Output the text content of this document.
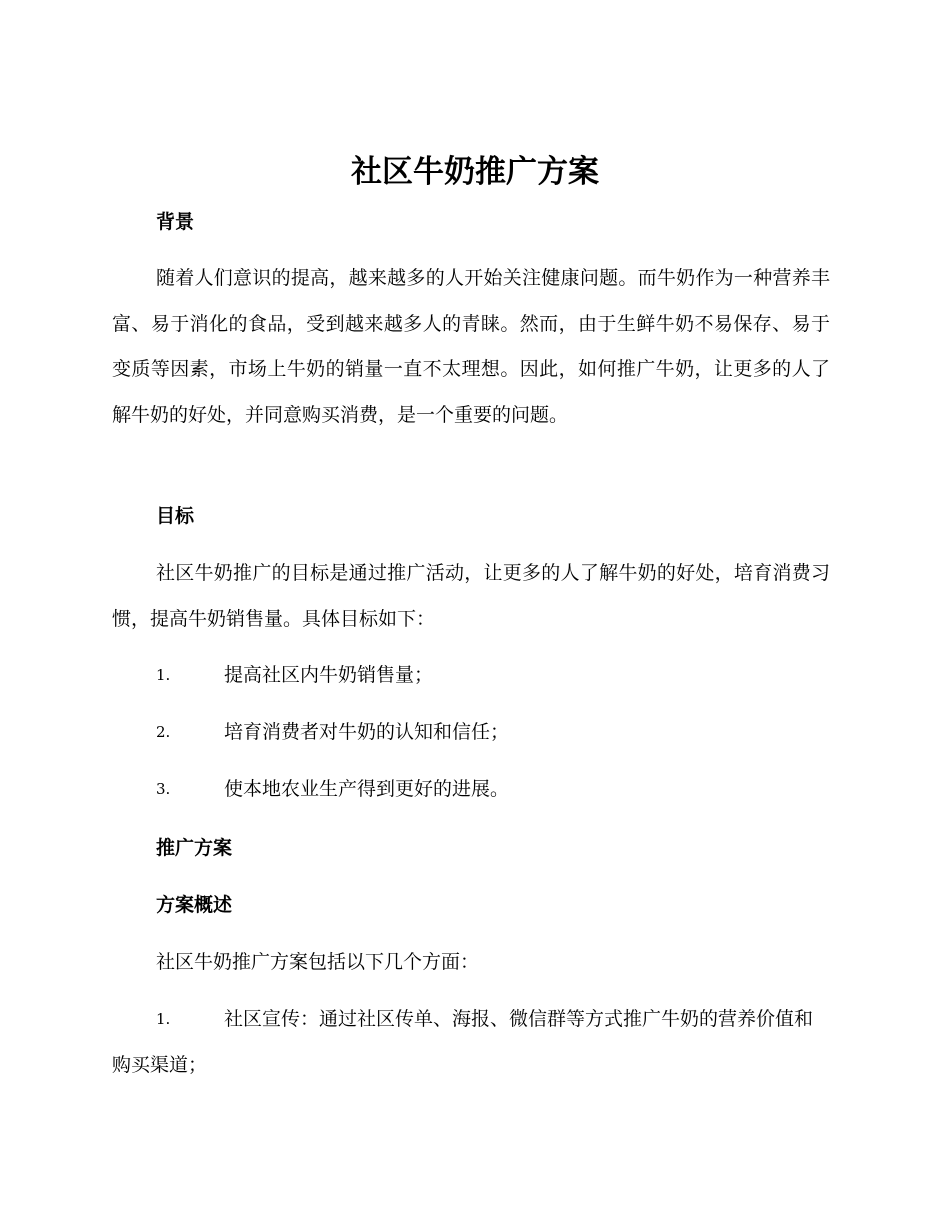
社区牛奶推广方案
背景

随着人们意识的提高，越来越多的人开始关注健康问题。而牛奶作为一种营养丰富、易于消化的食品，受到越来越多人的青睐。然而，由于生鲜牛奶不易保存、易于变质等因素，市场上牛奶的销量一直不太理想。因此，如何推广牛奶，让更多的人了解牛奶的好处，并同意购买消费，是一个重要的问题。

目标

社区牛奶推广的目标是通过推广活动，让更多的人了解牛奶的好处，培育消费习惯，提高牛奶销售量。具体目标如下：

1.	提高社区内牛奶销售量；
2.	培育消费者对牛奶的认知和信任；
3.	使本地农业生产得到更好的进展。
推广方案
方案概述

社区牛奶推广方案包括以下几个方面：

1.	社区宣传：通过社区传单、海报、微信群等方式推广牛奶的营养价值和购买渠道；
